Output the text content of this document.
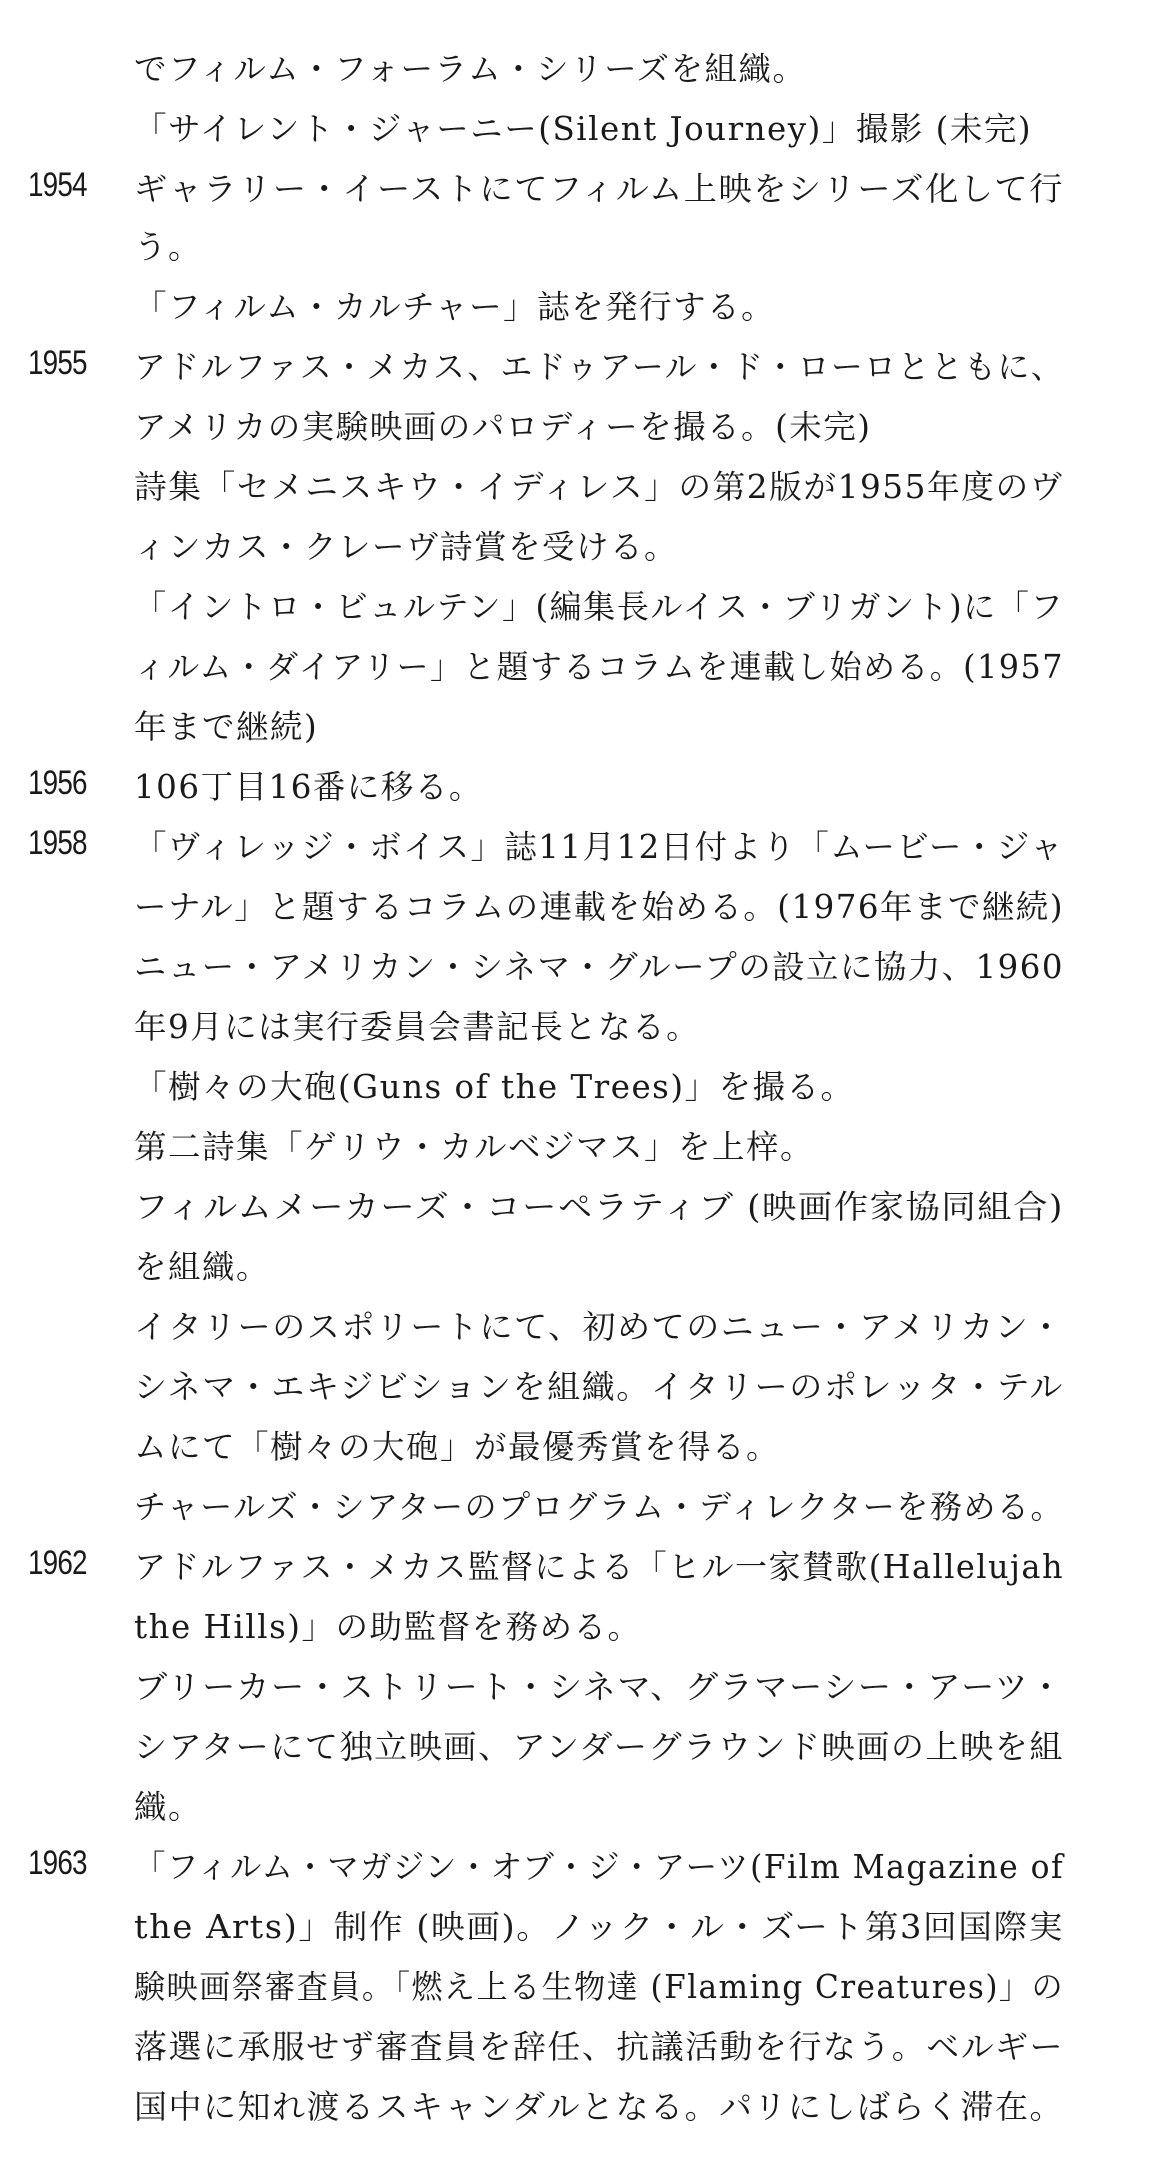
でフィルム・フォーラム・シリーズを組織。
「サイレント・ジャーニー(Silent Journey)」撮影 (未完)
1954 ギャラリー・イーストにてフィルム上映をシリーズ化して行
う。
「フィルム・カルチャー」誌を発行する。
1955 アドルファス・メカス、エドゥアール・ド・ローロとともに、
アメリカの実験映画のパロディーを撮る。(未完)
詩集「セメニスキウ・イディレス」の第2版が1955年度のヴ
ィンカス・クレーヴ詩賞を受ける。
「イントロ・ビュルテン」(編集長ルイス・ブリガント)に「フ
ィルム・ダイアリー」と題するコラムを連載し始める。(1957
年まで継続)
1956 106丁目16番に移る。
1958 「ヴィレッジ・ボイス」誌11月12日付より「ムービー・ジャ
ーナル」と題するコラムの連載を始める。(1976年まで継続)
ニュー・アメリカン・シネマ・グループの設立に協力、1960
年9月には実行委員会書記長となる。
「樹々の大砲(Guns of the Trees)」を撮る。
第二詩集「ゲリウ・カルベジマス」を上梓。
フィルムメーカーズ・コーペラティブ (映画作家協同組合)
を組織。
イタリーのスポリートにて、初めてのニュー・アメリカン・
シネマ・エキジビションを組織。イタリーのポレッタ・テル
ムにて「樹々の大砲」が最優秀賞を得る。
チャールズ・シアターのプログラム・ディレクターを務める。
1962 アドルファス・メカス監督による「ヒル一家賛歌(Hallelujah
the Hills)」の助監督を務める。
ブリーカー・ストリート・シネマ、グラマーシー・アーツ・
シアターにて独立映画、アンダーグラウンド映画の上映を組
織。
1963 「フィルム・マガジン・オブ・ジ・アーツ(Film Magazine of
the Arts)」制作 (映画)。ノック・ル・ズート第3回国際実
験映画祭審査員。「燃え上る生物達 (Flaming Creatures)」の
落選に承服せず審査員を辞任、抗議活動を行なう。ベルギー
国中に知れ渡るスキャンダルとなる。パリにしばらく滞在。
